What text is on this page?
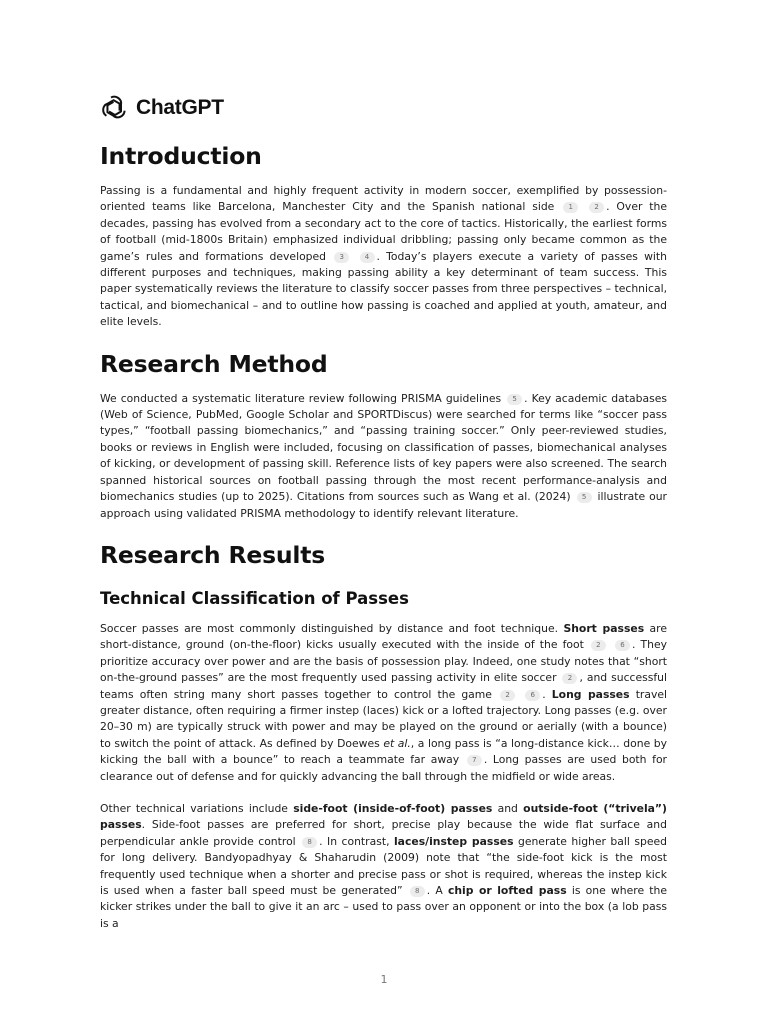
ChatGPT
Introduction

Passing is a fundamental and highly frequent activity in modern soccer, exemplified by possession-oriented teams like Barcelona, Manchester City and the Spanish national side 1	2 . Over the decades, passing has evolved from a secondary act to the core of tactics. Historically, the earliest forms of football (mid-1800s Britain) emphasized individual dribbling; passing only became common as the game’s rules and formations developed 3	4 . Today’s players execute a variety of passes with different purposes and techniques, making passing ability a key determinant of team success. This paper systematically reviews the literature to classify soccer passes from three perspectives – technical, tactical, and biomechanical – and to outline how passing is coached and applied at youth, amateur, and elite levels.

Research Method

We conducted a systematic literature review following PRISMA guidelines 5 . Key academic databases (Web of Science, PubMed, Google Scholar and SPORTDiscus) were searched for terms like “soccer pass types,” “football passing biomechanics,” and “passing training soccer.” Only peer-reviewed studies, books or reviews in English were included, focusing on classification of passes, biomechanical analyses of kicking, or development of passing skill. Reference lists of key papers were also screened. The search spanned historical sources on football passing through the most recent performance-analysis and biomechanics studies (up to 2025). Citations from sources such as Wang et al. (2024) 5 illustrate our approach using validated PRISMA methodology to identify relevant literature.

Research Results
Technical Classification of Passes

Soccer passes are most commonly distinguished by distance and foot technique. Short passes are short-distance, ground (on-the-floor) kicks usually executed with the inside of the foot 2	6 . They prioritize accuracy over power and are the basis of possession play. Indeed, one study notes that “short on-the-ground passes” are the most frequently used passing activity in elite soccer 2 , and successful teams often string many short passes together to control the game 2	6 . Long passes travel greater distance, often requiring a firmer instep (laces) kick or a lofted trajectory. Long passes (e.g. over 20–30 m) are typically struck with power and may be played on the ground or aerially (with a bounce) to switch the point of attack. As defined by Doewes et al., a long pass is “a long-distance kick… done by kicking the ball with a bounce” to reach a teammate far away 7 . Long passes are used both for clearance out of defense and for quickly advancing the ball through the midfield or wide areas.

Other technical variations include side-foot (inside-of-foot) passes and outside-foot (“trivela”) passes. Side-foot passes are preferred for short, precise play because the wide flat surface and perpendicular ankle provide control 8 . In contrast, laces/instep passes generate higher ball speed for long delivery. Bandyopadhyay & Shaharudin (2009) note that “the side-foot kick is the most frequently used technique when a shorter and precise pass or shot is required, whereas the instep kick is used when a faster ball speed must be generated” 8 . A chip or lofted pass is one where the kicker strikes under the ball to give it an arc – used to pass over an opponent or into the box (a lob pass is a

1
